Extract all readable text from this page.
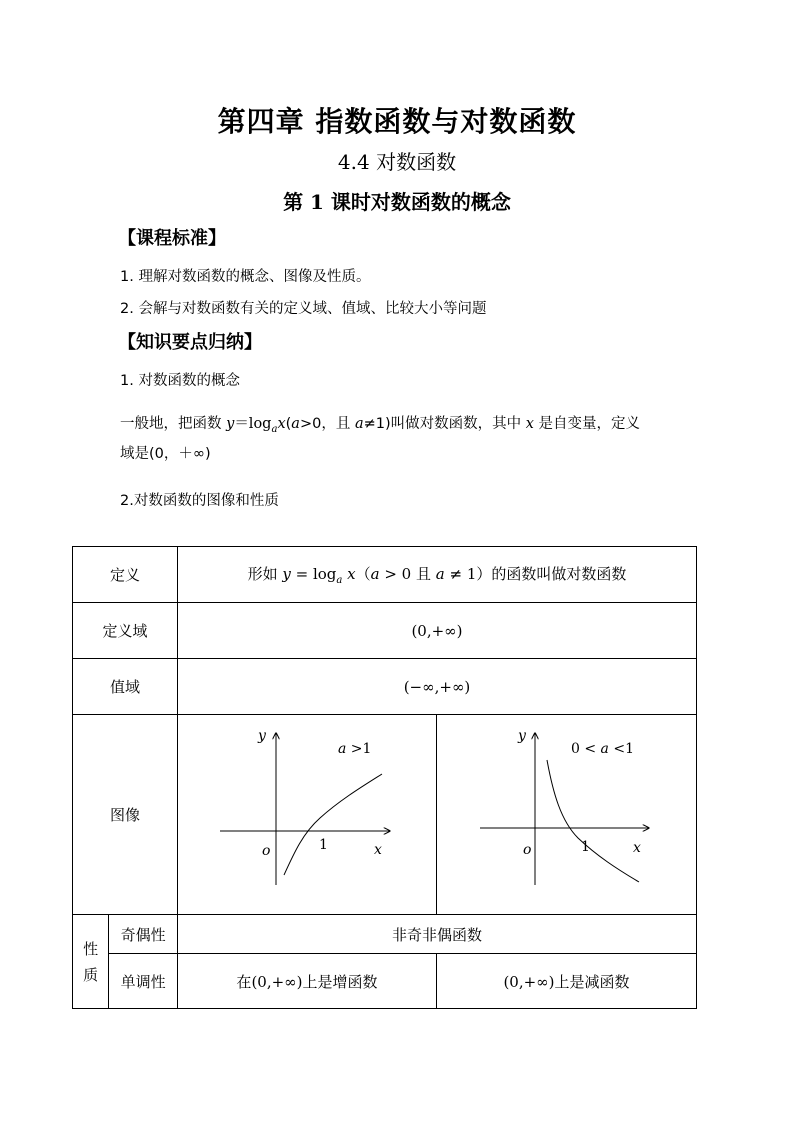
第四章 指数函数与对数函数
4.4 对数函数
第 1 课时对数函数的概念
【课程标准】
1. 理解对数函数的概念、图像及性质。
2. 会解与对数函数有关的定义域、值域、比较大小等问题
【知识要点归纳】
1. 对数函数的概念
一般地，把函数 $y=\log_ax(a>0$，且 a≠1)叫做对数函数，其中 x 是自变量，定义
域是(0，＋∞)
2.对数函数的图像和性质
定义		形如 $y = \log_a x(a > 0$ 且 a ≠ 1）的函数叫做对数函数	
定义域		(0,+∞)	
值域		(−∞,+∞)	
图像		y
x
o 1
a >1	y
x
o 1
0 < a <1

性
质	奇偶性	非奇非偶函数	
	单调性	在(0,+∞)上是增函数	(0,+∞)上是减函数
